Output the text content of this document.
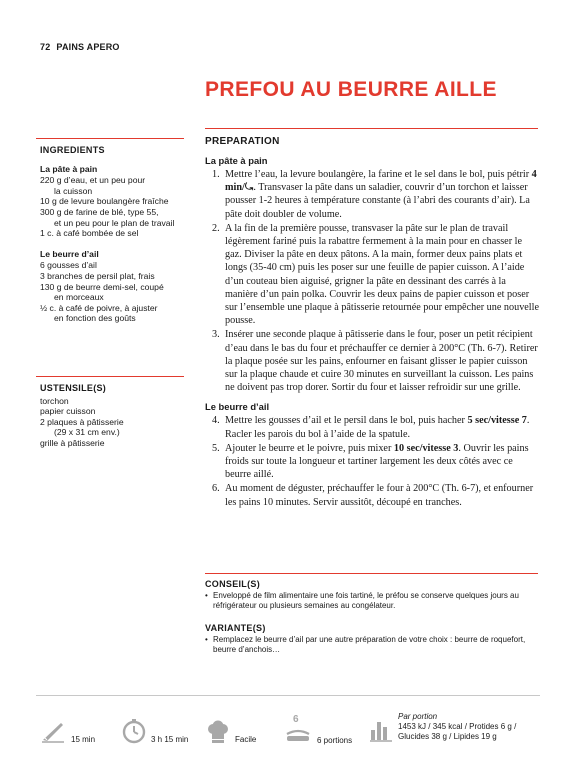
72 PAINS APERO
PREFOU AU BEURRE AILLE
INGREDIENTS
La pâte à pain
220 g d’eau, et un peu pour
la cuisson
10 g de levure boulangère fraîche
300 g de farine de blé, type 55,
et un peu pour le plan de travail
1 c. à café bombée de sel
Le beurre d’ail
6 gousses d’ail
3 branches de persil plat, frais
130 g de beurre demi-sel, coupé
en morceaux
½ c. à café de poivre, à ajuster
en fonction des goûts
USTENSILE(S)
torchon
papier cuisson
2 plaques à pâtisserie
(29 x 31 cm env.)
grille à pâtisserie
PREPARATION
La pâte à pain
1. Mettre l’eau, la levure boulangère, la farine et le sel dans le bol, puis pétrir 4 min/⤿. Transvaser la pâte dans un saladier, couvrir d’un torchon et laisser pousser 1-2 heures à température constante (à l’abri des courants d’air). La pâte doit doubler de volume.
2. A la fin de la première pousse, transvaser la pâte sur le plan de travail légèrement fariné puis la rabattre fermement à la main pour en chasser le gaz. Diviser la pâte en deux pâtons. A la main, former deux pains plats et longs (35-40 cm) puis les poser sur une feuille de papier cuisson. A l’aide d’un couteau bien aiguisé, grigner la pâte en dessinant des carrés à la manière d’un pain polka. Couvrir les deux pains de papier cuisson et poser sur l’ensemble une plaque à pâtisserie retournée pour empêcher une nouvelle pousse.
3. Insérer une seconde plaque à pâtisserie dans le four, poser un petit récipient d’eau dans le bas du four et préchauffer ce dernier à 200°C (Th. 6-7). Retirer la plaque posée sur les pains, enfourner en faisant glisser le papier cuisson sur la plaque chaude et cuire 30 minutes en surveillant la cuisson. Les pains ne doivent pas trop dorer. Sortir du four et laisser refroidir sur une grille.
Le beurre d’ail
4. Mettre les gousses d’ail et le persil dans le bol, puis hacher 5 sec/vitesse 7. Racler les parois du bol à l’aide de la spatule.
5. Ajouter le beurre et le poivre, puis mixer 10 sec/vitesse 3. Ouvrir les pains froids sur toute la longueur et tartiner largement les deux côtés avec ce beurre aillé.
6. Au moment de déguster, préchauffer le four à 200°C (Th. 6-7), et enfourner les pains 10 minutes. Servir aussitôt, découpé en tranches.
CONSEIL(S)
• Enveloppé de film alimentaire une fois tartiné, le préfou se conserve quelques jours au réfrigérateur ou plusieurs semaines au congélateur.
VARIANTE(S)
• Remplacez le beurre d’ail par une autre préparation de votre choix : beurre de roquefort, beurre d’anchois…
15 min	3 h 15 min	Facile
6
6 portions
Par portion
1453 kJ / 345 kcal / Protides 6 g /
Glucides 38 g / Lipides 19 g
